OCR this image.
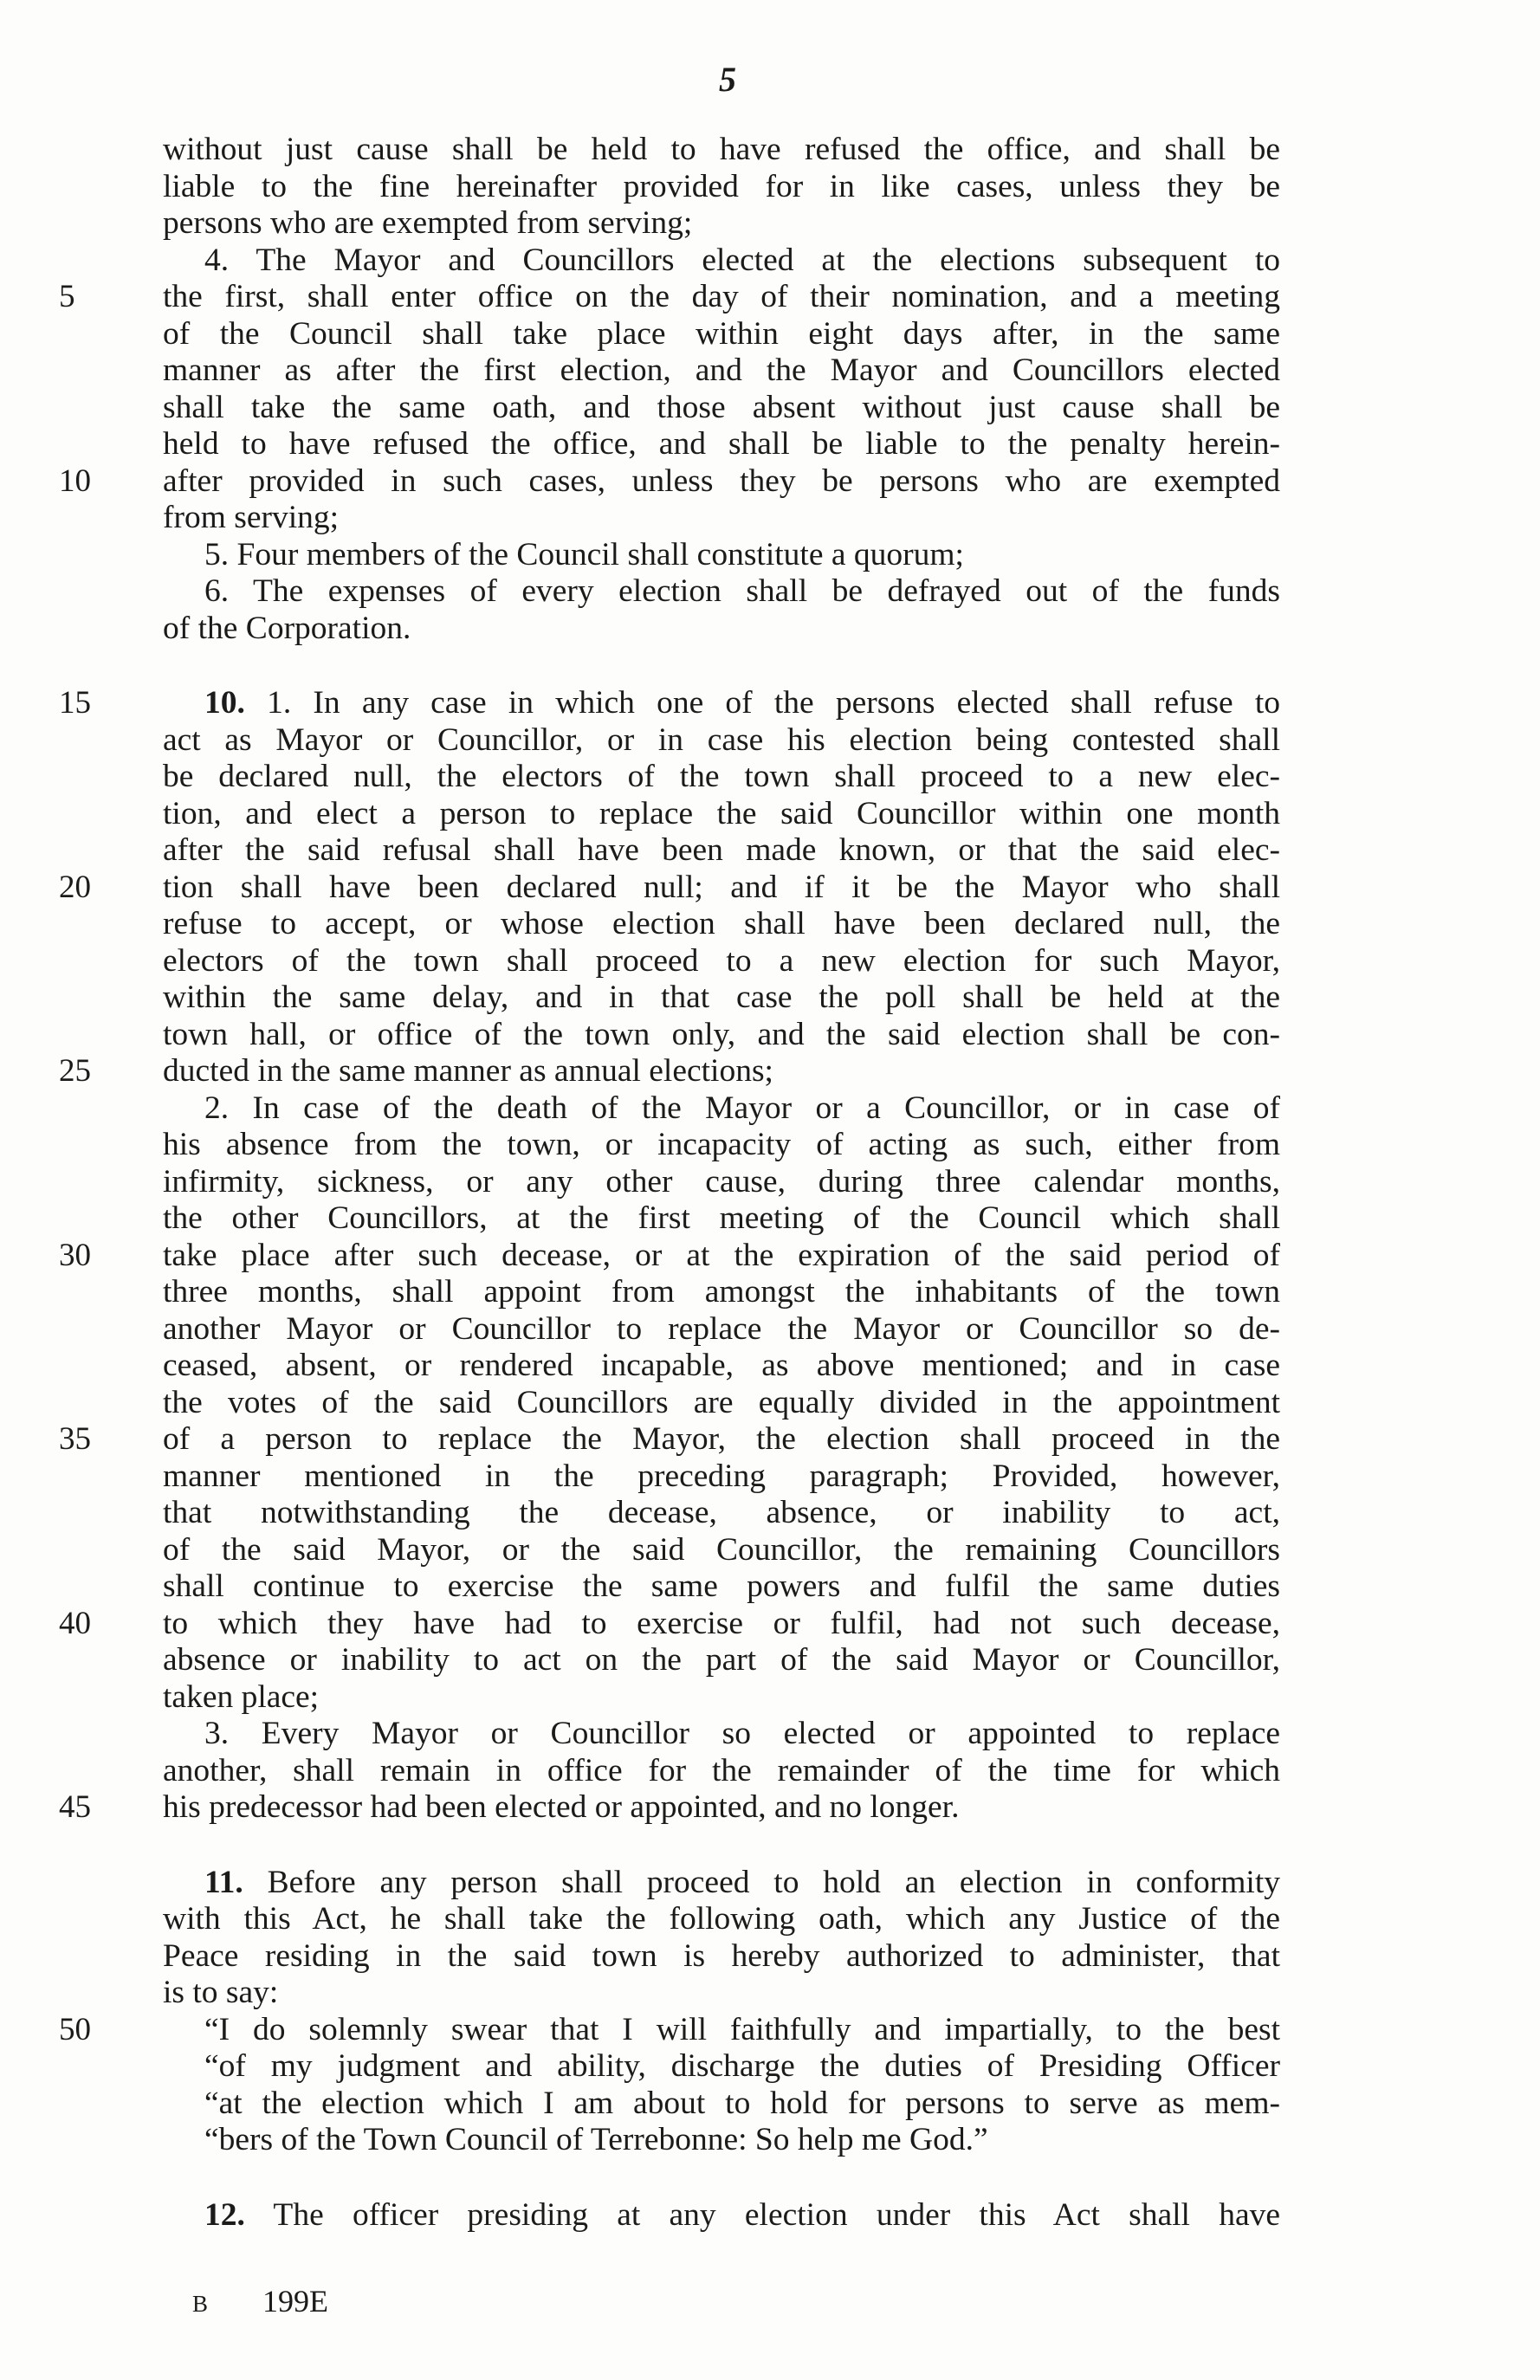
5
without just cause shall be held to have refused the office, and shall be
liable to the fine hereinafter provided for in like cases, unless they be
persons who are exempted from serving;
4. The Mayor and Councillors elected at the elections subsequent to
5	the first, shall enter office on the day of their nomination, and a meeting
of the Council shall take place within eight days after, in the same
manner as after the first election, and the Mayor and Councillors elected
shall take the same oath, and those absent without just cause shall be
held to have refused the office, and shall be liable to the penalty herein-
10	after provided in such cases, unless they be persons who are exempted
from serving;
5. Four members of the Council shall constitute a quorum;
6. The expenses of every election shall be defrayed out of the funds
of the Corporation.
15	10. 1. In any case in which one of the persons elected shall refuse to
act as Mayor or Councillor, or in case his election being contested shall
be declared null, the electors of the town shall proceed to a new elec-
tion, and elect a person to replace the said Councillor within one month
after the said refusal shall have been made known, or that the said elec-
20	tion shall have been declared null; and if it be the Mayor who shall
refuse to accept, or whose election shall have been declared null, the
electors of the town shall proceed to a new election for such Mayor,
within the same delay, and in that case the poll shall be held at the
town hall, or office of the town only, and the said election shall be con-
25	ducted in the same manner as annual elections;
2. In case of the death of the Mayor or a Councillor, or in case of
his absence from the town, or incapacity of acting as such, either from
infirmity, sickness, or any other cause, during three calendar months,
the other Councillors, at the first meeting of the Council which shall
30	take place after such decease, or at the expiration of the said period of
three months, shall appoint from amongst the inhabitants of the town
another Mayor or Councillor to replace the Mayor or Councillor so de-
ceased, absent, or rendered incapable, as above mentioned; and in case
the votes of the said Councillors are equally divided in the appointment
35	of a person to replace the Mayor, the election shall proceed in the
manner mentioned in the preceding paragraph; Provided, however,
that notwithstanding the decease, absence, or inability to act,
of the said Mayor, or the said Councillor, the remaining Councillors
shall continue to exercise the same powers and fulfil the same duties
40	to which they have had to exercise or fulfil, had not such decease,
absence or inability to act on the part of the said Mayor or Councillor,
taken place;
3. Every Mayor or Councillor so elected or appointed to replace
another, shall remain in office for the remainder of the time for which
45	his predecessor had been elected or appointed, and no longer.
11. Before any person shall proceed to hold an election in conformity
with this Act, he shall take the following oath, which any Justice of the
Peace residing in the said town is hereby authorized to administer, that
is to say:
50	“I do solemnly swear that I will faithfully and impartially, to the best
“of my judgment and ability, discharge the duties of Presiding Officer
“at the election which I am about to hold for persons to serve as mem-
“bers of the Town Council of Terrebonne: So help me God.”
12. The officer presiding at any election under this Act shall have
B 199E
